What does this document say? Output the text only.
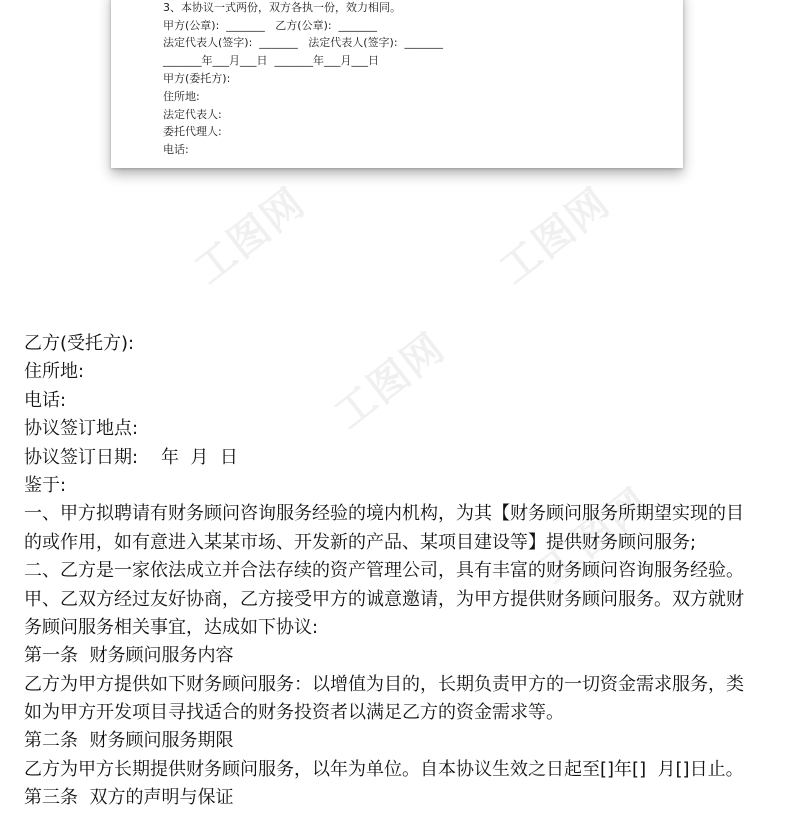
3、本协议一式两份，双方各执一份，效力相同。
甲方(公章):  _______   乙方(公章):  _______
法定代表人(签字):  _______   法定代表人(签字):  _______
_______年___月___日  _______年___月___日
甲方(委托方):
住所地:
法定代表人:
委托代理人:
电话:
工图网	工图网
工图网
工图网
乙方(受托方):
住所地:
电话:
协议签订地点:
协议签订日期:    年  月  日
鉴于:
一、甲方拟聘请有财务顾问咨询服务经验的境内机构，为其【财务顾问服务所期望实现的目
的或作用，如有意进入某某市场、开发新的产品、某项目建设等】提供财务顾问服务;
二、乙方是一家依法成立并合法存续的资产管理公司，具有丰富的财务顾问咨询服务经验。
甲、乙双方经过友好协商，乙方接受甲方的诚意邀请，为甲方提供财务顾问服务。双方就财
务顾问服务相关事宜，达成如下协议:
第一条  财务顾问服务内容
乙方为甲方提供如下财务顾问服务：以增值为目的，长期负责甲方的一切资金需求服务，类
如为甲方开发项目寻找适合的财务投资者以满足乙方的资金需求等。
第二条  财务顾问服务期限
乙方为甲方长期提供财务顾问服务，以年为单位。自本协议生效之日起至[]年[]  月[]日止。
第三条  双方的声明与保证
